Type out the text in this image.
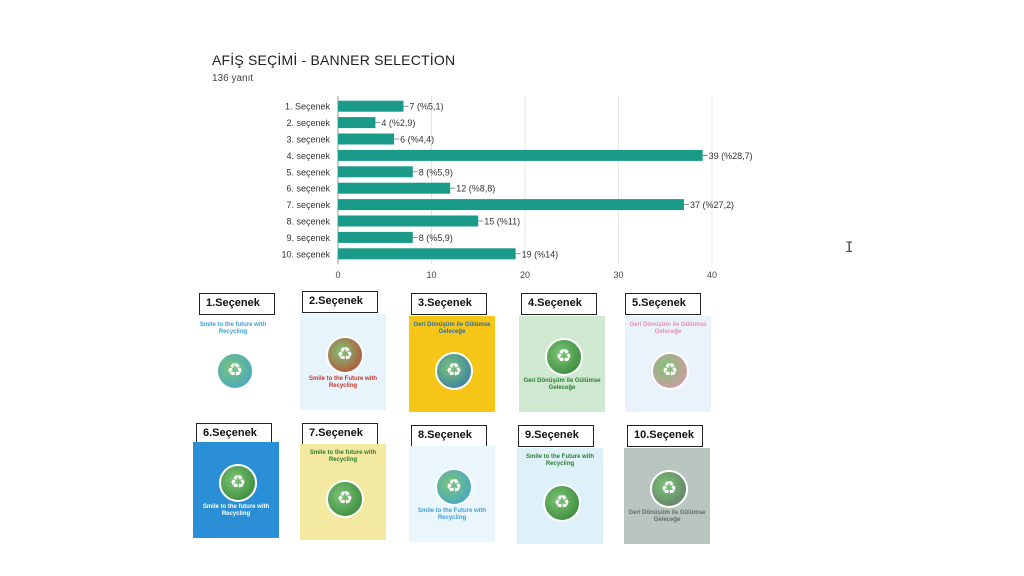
AFİŞ SEÇİMİ - BANNER SELECTİON
136 yanıt
0	10	20	30	40
1. Seçenek	7 (%5,1)
2. seçenek	4 (%2,9)
3. seçenek	6 (%4,4)
4. seçenek	39 (%28,7)
5. seçenek	8 (%5,9)
6. seçenek	12 (%8,8)
7. seçenek	37 (%27,2)
8. seçenek	15 (%11)
9. seçenek	8 (%5,9)
10. seçenek	19 (%14)	I
1.Seçenek
Smile to the future with Recycling
♻
2.Seçenek
Smile to the Future with Recycling
♻
3.Seçenek
Geri Dönüşüm ile Gülümse Geleceğe
♻
4.Seçenek
Geri Dönüşüm ile Gülümse Geleceğe
♻
5.Seçenek
Geri Dönüşüm ile Gülümse Geleceğe
♻
6.Seçenek
Smile to the future with Recycling
♻
7.Seçenek
Smile to the future with Recycling
♻
8.Seçenek
Smile to the Future with Recycling
♻
9.Seçenek
Smile to the Future with Recycling
♻
10.Seçenek
Geri Dönüşüm ile Gülümse Geleceğe
♻
